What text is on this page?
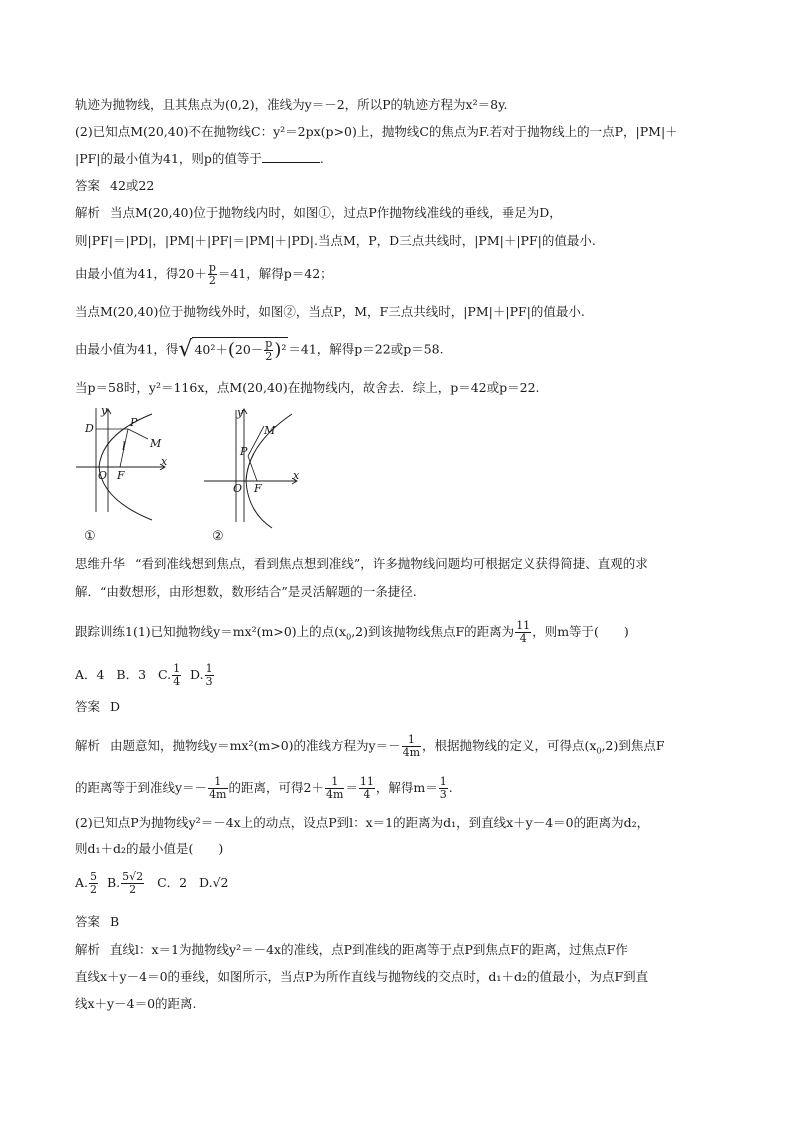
轨迹为抛物线，且其焦点为(0,2)，准线为y＝－2，所以P的轨迹方程为x²＝8y.
(2)已知点M(20,40)不在抛物线C：y²＝2px(p>0)上，抛物线C的焦点为F.若对于抛物线上的一点P，|PM|＋
|PF|的最小值为41，则p的值等于	.
答案 42或22
解析 当点M(20,40)位于抛物线内时，如图①，过点P作抛物线准线的垂线，垂足为D，
则|PF|＝|PD|，|PM|＋|PF|＝|PM|＋|PD|.当点M，P，D三点共线时，|PM|＋|PF|的值最小.
由最小值为41，得$20+ \frac{p}{2} =41$，解得p＝42；
当点M(20,40)位于抛物线外时，如图②，当点P，M，F三点共线时，|PM|＋|PF|的值最小.
由最小值为41，得√ $40^2+(20- \frac{p}{2} )^2 =41$，解得p＝22或p＝58.
当p＝58时，y²＝116x，点M(20,40)在抛物线内，故舍去．综上，p＝42或p＝22.
l
y
x
O F
P
M
D
①
y
x
O F
P
M
②
思维升华 “看到准线想到焦点，看到焦点想到准线”，许多抛物线问题均可根据定义获得简捷、直观的求
解．“由数想形，由形想数，数形结合”是灵活解题的一条捷径.
跟踪训练1(1)已知抛物线y＝mx²(m>0)上的点$(x_0,2)$到该抛物线焦点F的距离为 $\frac{11}{4}$ ，则m等于(　　)
A．4 B．3 C. $\frac{1}{4} D$. $\frac{1}{3}$
答案 D
解析 由题意知，抛物线y＝mx²(m>0)的准线方程为$y=- \frac{1}{4m}$ ，根据抛物线的定义，可得点$(x_0,2)$到焦点F
的距离等于到准线$y=- \frac{1}{4m}$ 的距离，可得$2+ \frac{1}{4m} = \frac{11}{4}$ ，解得$m= \frac{1}{3}$ .
(2)已知点P为抛物线y²＝－4x上的动点，设点P到l：x＝1的距离为d₁，到直线x＋y－4＝0的距离为d₂，
则d₁＋d₂的最小值是(　　)
A. $\frac{5}{2} B$. $\frac{5√2}{2}$ C．2 D.√2
答案 B
解析 直线l：x＝1为抛物线y²＝－4x的准线，点P到准线的距离等于点P到焦点F的距离，过焦点F作
直线x＋y－4＝0的垂线，如图所示，当点P为所作直线与抛物线的交点时，d₁＋d₂的值最小，为点F到直
线x＋y－4＝0的距离.
